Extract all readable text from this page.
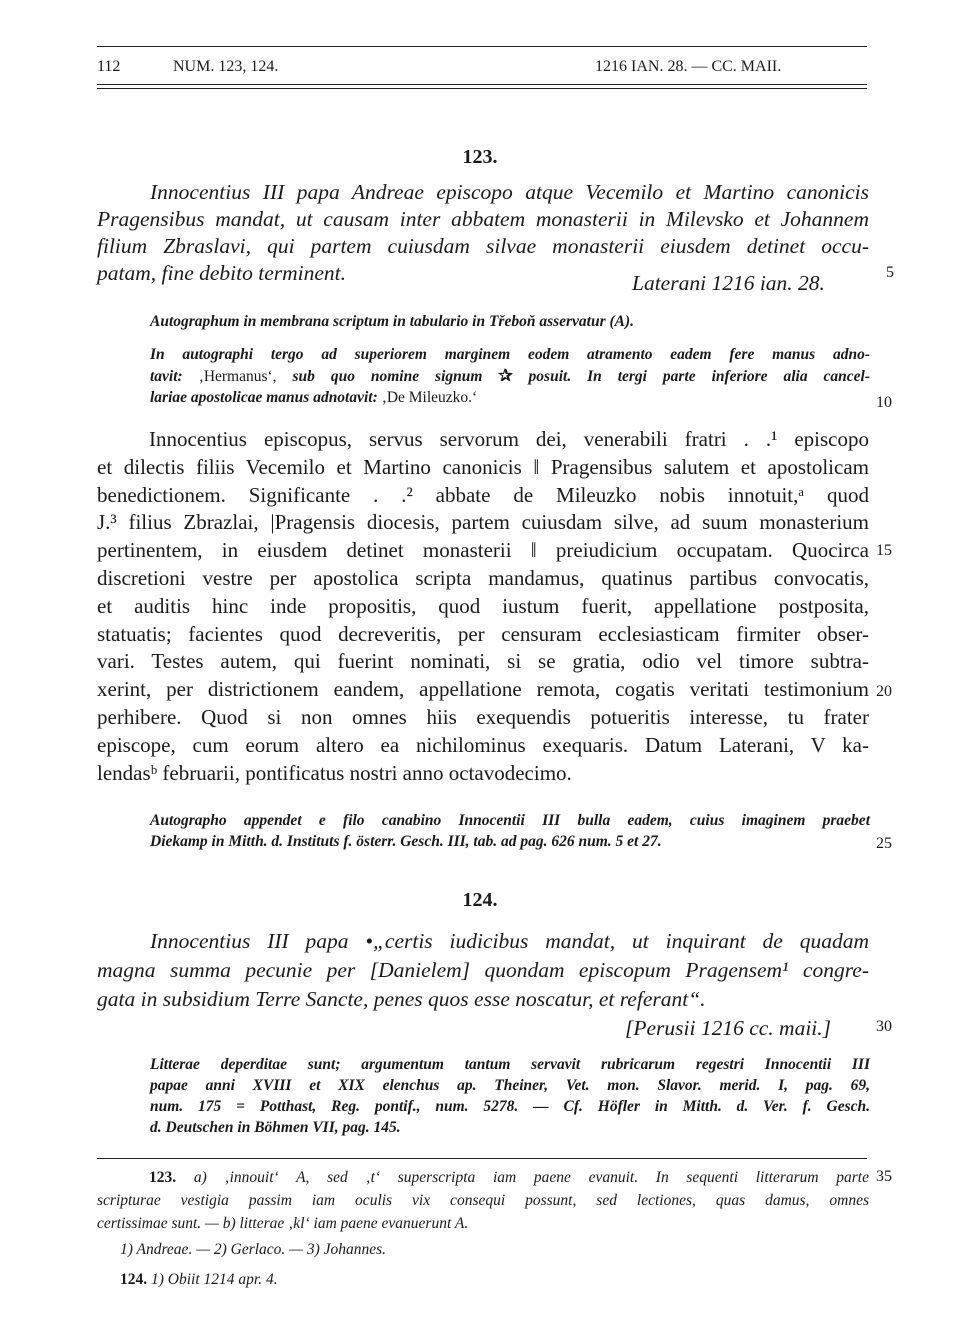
112	NUM. 123, 124.	1216 IAN. 28. — CC. MAII.
123.
Innocentius III papa Andreae episcopo atque Vecemilo et Martino canonicis
Pragensibus mandat, ut causam inter abbatem monasterii in Milevsko et Johannem
filium Zbraslavi, qui partem cuiusdam silvae monasterii eiusdem detinet occu-
patam, fine debito terminent.	Laterani 1216 ian. 28.	5
Autographum in membrana scriptum in tabulario in Třeboň asservatur (A).
In autographi tergo ad superiorem marginem eodem atramento eadem fere manus adno-
tavit: ‚Hermanus‘, sub quo nomine signum ✰ posuit. In tergi parte inferiore alia cancel-
lariae apostolicae manus adnotavit: ‚De Mileuzko.‘	10
Innocentius episcopus, servus servorum dei, venerabili fratri . .¹ episcopo
et dilectis filiis Vecemilo et Martino canonicis ‖ Pragensibus salutem et apostolicam
benedictionem. Significante . .² abbate de Mileuzko nobis innotuit,ᵃ quod
J.³ filius Zbrazlai, |Pragensis diocesis, partem cuiusdam silve, ad suum monasterium
pertinentem, in eiusdem detinet monasterii ‖ preiudicium occupatam. Quocirca
discretioni vestre per apostolica scripta mandamus, quatinus partibus convocatis,
et auditis hinc inde propositis, quod iustum fuerit, appellatione postposita,
statuatis; facientes quod decreveritis, per censuram ecclesiasticam firmiter obser-
vari. Testes autem, qui fuerint nominati, si se gratia, odio vel timore subtra-
xerint, per districtionem eandem, appellatione remota, cogatis veritati testimonium
perhibere. Quod si non omnes hiis exequendis potueritis interesse, tu frater
episcope, cum eorum altero ea nichilominus exequaris. Datum Laterani, V ka-
lendasᵇ februarii, pontificatus nostri anno octavodecimo.
15
20
Autographo appendet e filo canabino Innocentii III bulla eadem, cuius imaginem praebet
Diekamp in Mitth. d. Instituts f. österr. Gesch. III, tab. ad pag. 626 num. 5 et 27.	25
124.
Innocentius III papa •„certis iudicibus mandat, ut inquirant de quadam
magna summa pecunie per [Danielem] quondam episcopum Pragensem¹ congre-
gata in subsidium Terre Sancte, penes quos esse noscatur, et referant“.
[Perusii 1216 cc. maii.]	30
Litterae deperditae sunt; argumentum tantum servavit rubricarum regestri Innocentii III
papae anni XVIII et XIX elenchus ap. Theiner, Vet. mon. Slavor. merid. I, pag. 69,
num. 175 = Potthast, Reg. pontif., num. 5278. — Cf. Höfler in Mitth. d. Ver. f. Gesch.
d. Deutschen in Böhmen VII, pag. 145.
123. a) ‚innouit‘ A, sed ‚t‘ superscripta iam paene evanuit. In sequenti litterarum parte
scripturae vestigia passim iam oculis vix consequi possunt, sed lectiones, quas damus, omnes
certissimae sunt. — b) litterae ‚kl‘ iam paene evanuerunt A.
35
1) Andreae. — 2) Gerlaco. — 3) Johannes.
124. 1) Obiit 1214 apr. 4.
